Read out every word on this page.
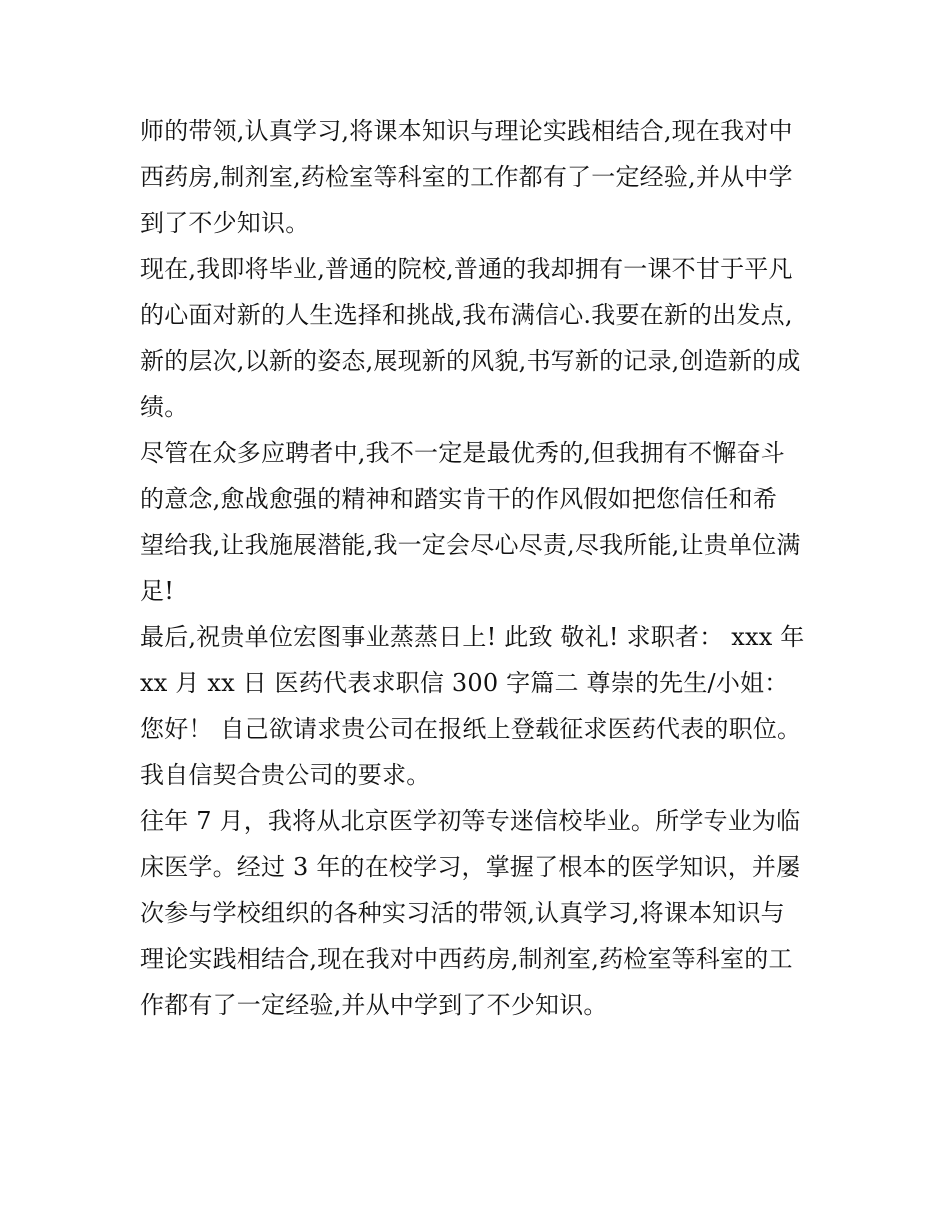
师的带领,认真学习,将课本知识与理论实践相结合,现在我对中
西药房,制剂室,药检室等科室的工作都有了一定经验,并从中学
到了不少知识。
现在,我即将毕业,普通的院校,普通的我却拥有一课不甘于平凡
的心面对新的人生选择和挑战,我布满信心.我要在新的出发点,
新的层次,以新的姿态,展现新的风貌,书写新的记录,创造新的成
绩。
尽管在众多应聘者中,我不一定是最优秀的,但我拥有不懈奋斗
的意念,愈战愈强的精神和踏实肯干的作风假如把您信任和希
望给我,让我施展潜能,我一定会尽心尽责,尽我所能,让贵单位满
足!
最后,祝贵单位宏图事业蒸蒸日上! 此致 敬礼! 求职者： xxx 年
xx 月 xx 日 医药代表求职信 300 字篇二 尊崇的先生/小姐：
您好！ 自己欲请求贵公司在报纸上登载征求医药代表的职位。
我自信契合贵公司的要求。
往年 7 月，我将从北京医学初等专迷信校毕业。所学专业为临
床医学。经过 3 年的在校学习，掌握了根本的医学知识，并屡
次参与学校组织的各种实习活的带领,认真学习,将课本知识与
理论实践相结合,现在我对中西药房,制剂室,药检室等科室的工
作都有了一定经验,并从中学到了不少知识。
